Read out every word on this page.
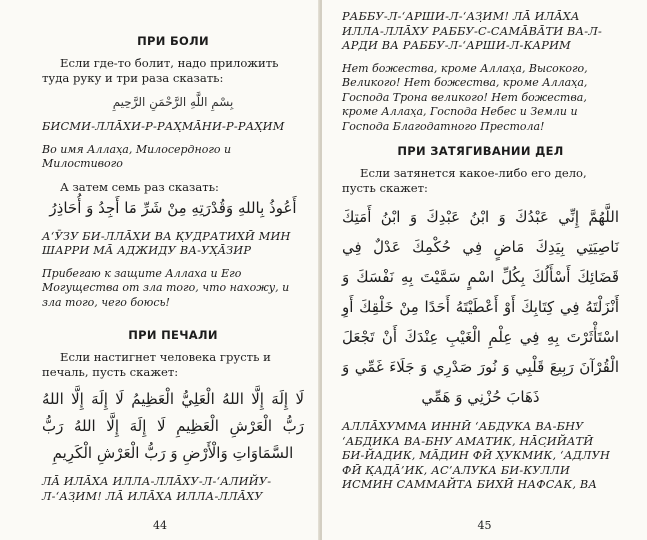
ПРИ БОЛИ

Если где-то болит, надо приложить туда руку и три раза сказать:

بِسْمِ اللَّهِ الرَّحْمَنِ الرَّحِيمِ

БИСМИ-ЛЛĀХИ-Р-РАХ̣МĀНИ-Р-РАХ̣ИМ

Во имя Аллах̣а, Милосердного и Милостивого

А затем семь раз сказать:

أَعُوذُ بِاللهِ وَقُدْرَتِهِ مِنْ شَرِّ مَا أَجِدُ وَ أُحَاذِرُ

А‘ӮЗУ БИ-ЛЛĀХИ ВА К̣УДРАТИХӢ МИН ШАРРИ МĀ АДЖИДУ ВА-УХ̣ĀЗИР

Прибегаю к защите Аллаха и Его Могущества от зла того, что нахожу, и зла того, чего боюсь!

ПРИ ПЕЧАЛИ

Если настигнет человека грусть и печаль, пусть скажет:

لَا إِلَهَ إِلَّا اللهُ الْعَلِيُّ الْعَظِيمُ لَا إِلَهَ إِلَّا اللهُ رَبُّ الْعَرْشِ الْعَظِيمِ لَا إِلَهَ إِلَّا اللهُ رَبُّ السَّمَاوَاتِ وَالْأَرْضِ وَ رَبُّ الْعَرْشِ الْكَرِيمِ

ЛĀ ИЛĀХА ИЛЛА-ЛЛĀХУ-Л-‘АЛИЙУ-Л-‘АЗ̣ИМ! ЛĀ ИЛĀХА ИЛЛА-ЛЛĀХУ

44

РАББУ-Л-‘АРШИ-Л-‘АЗ̣ИМ! ЛĀ ИЛĀХА ИЛЛА-ЛЛĀХУ РАББУ-С-САМĀВĀТИ ВА-Л-АРД̣И ВА РАББУ-Л-‘АРШИ-Л-КАРИМ

Нет божества, кроме Аллах̣а, Высокого, Великого! Нет божества, кроме Аллах̣а, Господа Трона великого! Нет божества, кроме Аллах̣а, Господа Небес и Земли и Господа Благодатного Престола!

ПРИ ЗАТЯГИВАНИИ ДЕЛ

Если затянется какое-либо его дело, пусть скажет:

اللَّهُمَّ إِنِّي عَبْدُكَ وَ ابْنُ عَبْدِكَ وَ ابْنُ أَمَتِكَ نَاصِيَتِي بِيَدِكَ مَاضٍ فِي حُكْمِكَ عَدْلٌ فِي قَضَائِكَ أَسْأَلُكَ بِكُلِّ اسْمٍ سَمَّيْتَ بِهِ نَفْسَكَ وَ أَنْزَلْتَهُ فِي كِتَابِكَ أَوْ أَعْطَيْتَهُ أَحَدًا مِنْ خَلْقِكَ أَوِ اسْتَأْثَرْتَ بِهِ فِي عِلْمِ الْغَيْبِ عِنْدَكَ أَنْ تَجْعَلَ الْقُرْآنَ رَبِيعَ قَلْبِي وَ نُورَ صَدْرِي وَ جَلَاءَ غَمِّي وَ ذَهَابَ حُزْنِي وَ هَمِّي

АЛЛĀХУММА ИННӢ ‘АБДУКА ВА-БНУ ‘АБДИКА ВА-БНУ АМАТИК, НĀС̣ИЙАТӢ БИ-ЙАДИК, МĀДИН ФӢ Х̣УКМИК, ‘АДЛУН ФӢ К̣АД̣Ā’ИК, АС’АЛУКА БИ-КУЛЛИ ИСМИН САММАЙТА БИХӢ НАФСАК, ВА

45
